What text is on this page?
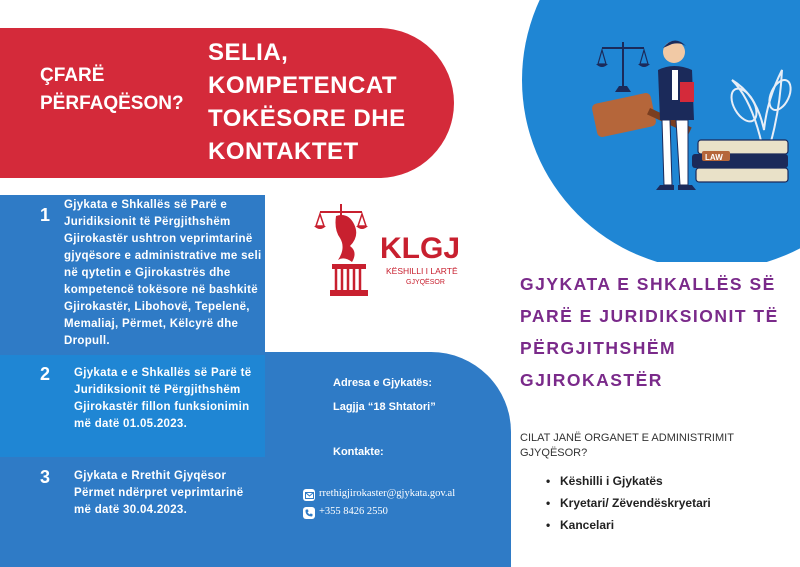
ÇFARË PËRFAQËSON?
SELIA, KOMPETENCAT TOKËSORE DHE KONTAKTET
1 Gjykata e Shkallës së Parë e Juridiksionit të Përgjithshëm Gjirokastër ushtron veprimtarinë gjyqësore e administrative me seli në qytetin e Gjirokastrës dhe kompetencë tokësore në bashkitë Gjirokastër, Libohovë, Tepelenë, Memaliaj, Përmet, Këlcyrë dhe Dropull.
2 Gjykata e e Shkallës së Parë të Juridiksionit të Përgjithshëm Gjirokastër fillon funksionimin më datë 01.05.2023.
3 Gjykata e Rrethit Gjyqësor Përmet ndërpret veprimtarinë më datë 30.04.2023.
Adresa e Gjykatës:
Lagjja “18 Shtatori”
Kontakte:
rrethigjirokaster@gjykata.gov.al
+355 8426 2550
KLGJ
KËSHILLI I LARTË
GJYQËSOR
LAW
GJYKATA E SHKALLËS SË PARË E JURIDIKSIONIT TË PËRGJITHSHËM GJIROKASTËR
CILAT JANË ORGANET E ADMINISTRIMIT GJYQËSOR?
• Këshilli i Gjykatës
• Kryetari/ Zëvendëskryetari
• Kancelari
